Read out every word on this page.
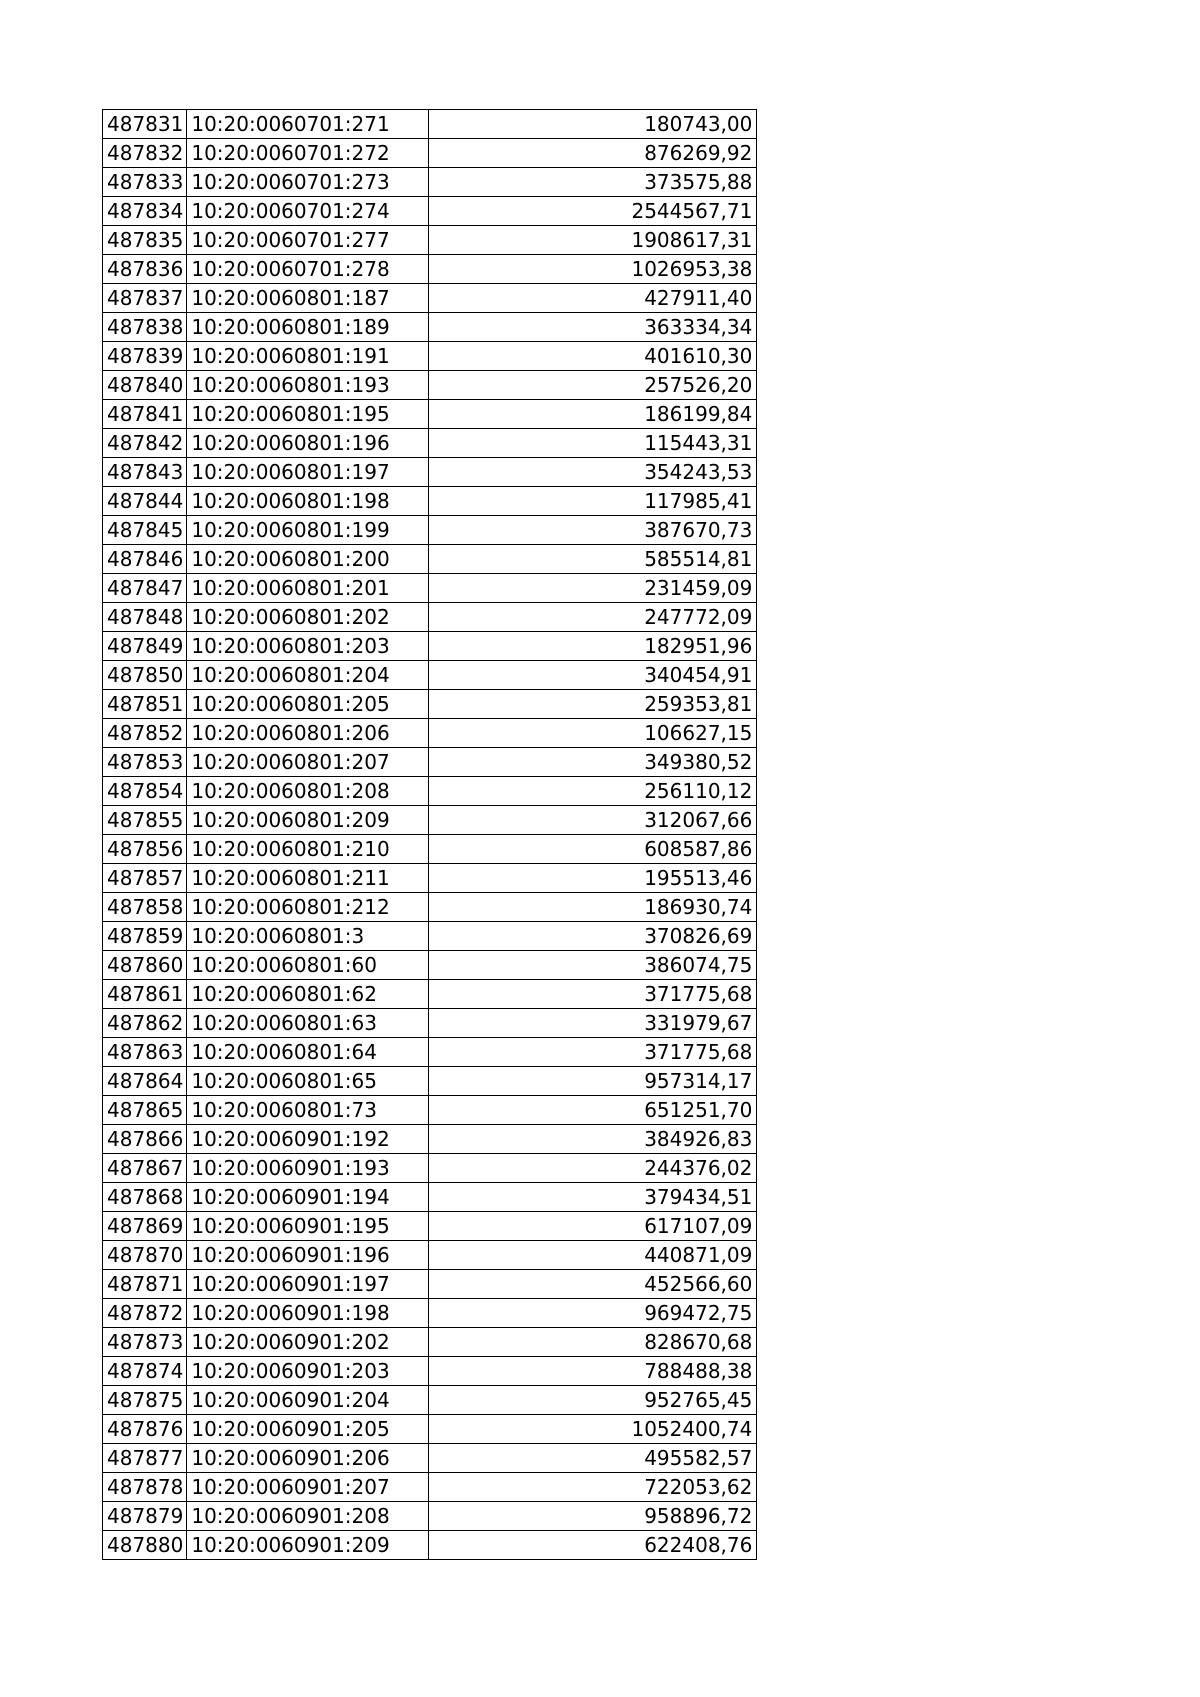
487831	10:20:0060701:271	180743,00
487832	10:20:0060701:272	876269,92
487833	10:20:0060701:273	373575,88
487834	10:20:0060701:274	2544567,71
487835	10:20:0060701:277	1908617,31
487836	10:20:0060701:278	1026953,38
487837	10:20:0060801:187	427911,40
487838	10:20:0060801:189	363334,34
487839	10:20:0060801:191	401610,30
487840	10:20:0060801:193	257526,20
487841	10:20:0060801:195	186199,84
487842	10:20:0060801:196	115443,31
487843	10:20:0060801:197	354243,53
487844	10:20:0060801:198	117985,41
487845	10:20:0060801:199	387670,73
487846	10:20:0060801:200	585514,81
487847	10:20:0060801:201	231459,09
487848	10:20:0060801:202	247772,09
487849	10:20:0060801:203	182951,96
487850	10:20:0060801:204	340454,91
487851	10:20:0060801:205	259353,81
487852	10:20:0060801:206	106627,15
487853	10:20:0060801:207	349380,52
487854	10:20:0060801:208	256110,12
487855	10:20:0060801:209	312067,66
487856	10:20:0060801:210	608587,86
487857	10:20:0060801:211	195513,46
487858	10:20:0060801:212	186930,74
487859	10:20:0060801:3	370826,69
487860	10:20:0060801:60	386074,75
487861	10:20:0060801:62	371775,68
487862	10:20:0060801:63	331979,67
487863	10:20:0060801:64	371775,68
487864	10:20:0060801:65	957314,17
487865	10:20:0060801:73	651251,70
487866	10:20:0060901:192	384926,83
487867	10:20:0060901:193	244376,02
487868	10:20:0060901:194	379434,51
487869	10:20:0060901:195	617107,09
487870	10:20:0060901:196	440871,09
487871	10:20:0060901:197	452566,60
487872	10:20:0060901:198	969472,75
487873	10:20:0060901:202	828670,68
487874	10:20:0060901:203	788488,38
487875	10:20:0060901:204	952765,45
487876	10:20:0060901:205	1052400,74
487877	10:20:0060901:206	495582,57
487878	10:20:0060901:207	722053,62
487879	10:20:0060901:208	958896,72
487880	10:20:0060901:209	622408,76
